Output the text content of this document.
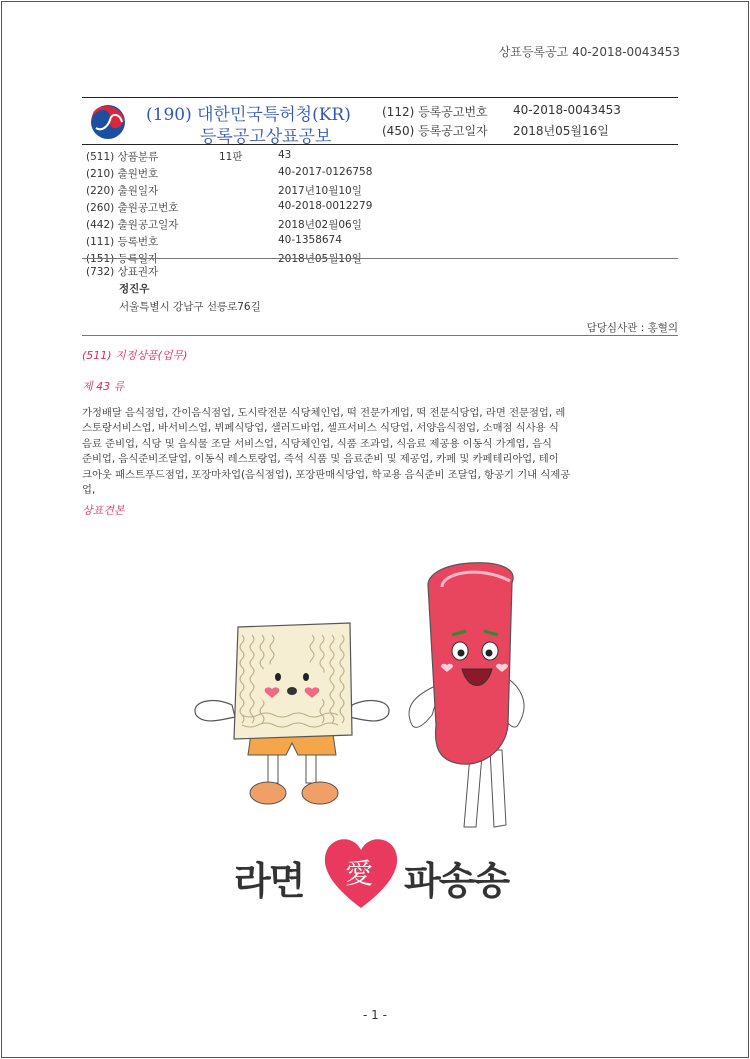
상표등록공고 40-2018-0043453
(190) 대한민국특허청(KR)
등록공고상표공보
(112) 등록공고번호 40-2018-0043453
(450) 등록공고일자 2018년05월16일
(511) 상품분류	11판	43
(210) 출원번호	40-2017-0126758
(220) 출원일자	2017년10월10일
(260) 출원공고번호	40-2018-0012279
(442) 출원공고일자	2018년02월06일
(111) 등록번호	40-1358674
(151) 등록일자	2018년05월10일
(732) 상표권자
정진우
서울특별시 강남구 선릉로76길
담당심사관 : 홍혈의
(511) 지정상품(업무)
제 43 류
가정배달 음식점업, 간이음식점업, 도시락전문 식당체인업, 떡 전문가게업, 떡 전문식당업, 라면 전문점업, 레
스토랑서비스업, 바서비스업, 뷔페식당업, 샐러드바업, 셀프서비스 식당업, 서양음식점업, 소매점 식사용 식
음료 준비업, 식당 및 음식물 조달 서비스업, 식당체인업, 식품 조과업, 식음료 제공용 이동식 가게업, 음식
준비업, 음식준비조달업, 이동식 레스토랑업, 즉석 식품 및 음료준비 및 제공업, 카페 및 카페테리아업, 테이
크아웃 패스트푸드점업, 포장마차업(음식점업), 포장판매식당업, 학교용 음식준비 조달업, 항공기 기내 식제공
업,
상표견본
라면 愛 파송송
- 1 -
